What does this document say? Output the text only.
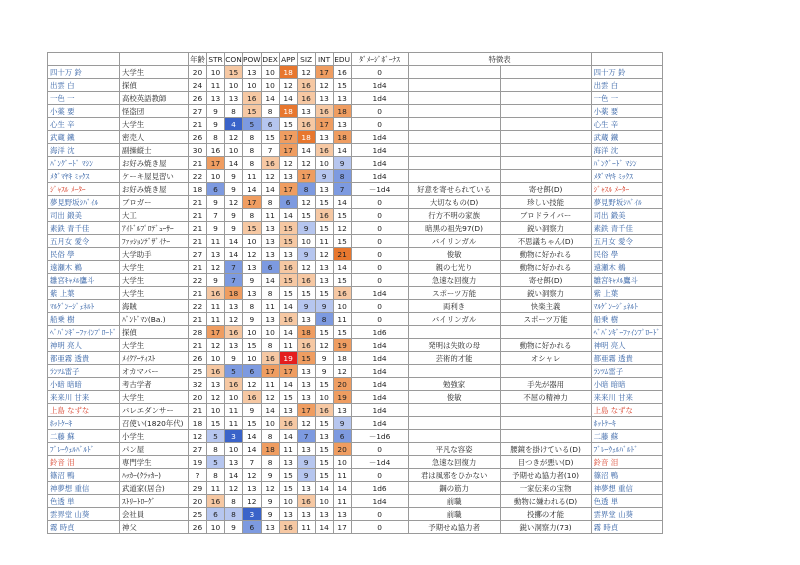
		年齢	STR	CON	POW	DEX	APP	SIZ	INT	EDU	ﾀﾞﾒｰｼﾞﾎﾞｰﾅｽ	特徴表		
四十万 鈴	大学生	20	10	15	13	10	18	12	17	16	0			四十万 鈴
出雲 白	探偵	24	11	10	10	10	12	16	12	15	1d4			出雲 白
一色 一	高校英語教師	26	13	13	16	14	14	16	13	13	1d4			一色 一
小薬 要	怪盗団	27	9	8	15	8	18	13	16	18	0			小薬 要
心生 辛	大学生	21	9	4	5	6	15	16	17	13	0			心生 辛
武蔵 鐵	密売人	26	8	12	8	15	17	18	13	18	1d4			武蔵 鐵
海洋 沈	副操縦士	30	16	10	8	7	17	14	16	14	1d4			海洋 沈
ﾊﾞﾝｸﾞｰﾄﾞ ﾏｼﾝ	お好み焼き屋	21	17	14	8	16	12	12	10	9	1d4			ﾊﾞﾝｸﾞｰﾄﾞ ﾏｼﾝ
ﾒﾀﾞﾏﾔｷ ﾐｯｸｽ	ケーキ屋見習い	22	10	9	11	12	13	17	9	8	1d4			ﾒﾀﾞﾏﾔｷ ﾐｯｸｽ
ｼﾞｬｽﾙ ﾒｰﾀｰ	お好み焼き屋	18	6	9	14	14	17	8	13	7	－1d4	好意を寄せられている	寄せ餌(D)	ｼﾞｬｽﾙ ﾒｰﾀｰ
夢見野坂ｼﾊﾞｲﾙ	ブロガー	21	9	12	17	8	6	12	15	14	0	大切なもの(D)	珍しい技能	夢見野坂ｼﾊﾞｲﾙ
司出 鍛美	大工	21	7	9	8	11	14	15	16	15	0	行方不明の家族	ブロドライバー	司出 鍛美
素鉄 青千佳	ｱｲﾄﾞﾙﾌﾟﾛﾃﾞｭｰｻｰ	21	9	9	15	13	15	9	15	12	0	暗黒の祖先97(D)	鋭い洞察力	素鉄 青千佳
五月女 愛令	ﾌｧｯｼｮﾝﾃﾞｻﾞｲﾅｰ	21	11	14	10	13	15	10	11	15	0	バイリンガル	不思議ちゃん(D)	五月女 愛令
民俗 學	大学助手	27	13	14	12	13	13	9	12	21	0	俊敏	動物に好かれる	民俗 學
遠瀬木 鵜	大学生	21	12	7	13	6	16	12	13	14	0	親の七光り	動物に好かれる	遠瀬木 鵜
雛宮ｷｬﾒﾙ鷹斗	大学生	22	9	7	9	14	15	16	13	15	0	急速な回復力	寄せ餌(D)	雛宮ｷｬﾒﾙ鷹斗
紫 上葉	大学生	21	16	18	13	8	15	15	15	16	1d4	スポーツ万能	鋭い洞察力	紫 上葉
ﾏﾙｹﾞﾝｰｼﾞｪﾈﾙﾄ	海賊	22	11	13	8	11	14	9	9	10	0	両利き	快楽主義	ﾏﾙｹﾞﾝｰｼﾞｪﾈﾙﾄ
船乗 樹	ﾊﾞﾝﾄﾞﾏﾝ(Ba.)	21	11	12	9	13	16	13	8	11	0	バイリンガル	スポーツ万能	船乗 樹
ﾍﾞﾊﾞﾝｷﾞｰﾌｧｲﾝﾌﾟﾛｰﾄﾞ	探偵	28	17	16	10	10	14	18	15	15	1d6			ﾍﾞﾊﾞﾝｷﾞｰﾌｧｲﾝﾌﾟﾛｰﾄﾞ
神明 亮人	大学生	21	12	13	15	8	11	16	12	19	1d4	発明は失敗の母	動物に好かれる	神明 亮人
都亜霧 透貴	ﾒｲｸｱｰﾃｨｽﾄ	26	10	9	10	16	19	15	9	18	1d4	芸術的才能	オシャレ	都亜霧 透貴
ﾗﾝﾂﾑ雷子	オカマバー	25	16	5	6	17	17	13	9	12	1d4			ﾗﾝﾂﾑ雷子
小暗 暗暗	考古学者	32	13	16	12	11	14	13	15	20	1d4	勉強家	手先が器用	小暗 暗暗
来来川 甘来	大学生	20	12	10	16	12	15	13	10	19	1d4	俊敏	不屈の精神力	来来川 甘来
上島 なずな	バレエダンサー	21	10	11	9	14	13	17	16	13	1d4			上島 なずな
ﾎｯﾄｹｰｷ	召使い(1820年代)	18	15	11	15	10	16	12	15	9	1d4			ﾎｯﾄｹｰｷ
二藤 蘇	小学生	12	5	3	14	8	14	7	13	6	－1d6			二藤 蘇
ﾌﾞﾚｰｳｪﾙﾊﾞﾙﾄﾞ	パン屋	27	8	10	14	18	11	13	15	20	0	平凡な容姿	腰鏡を掛けている(D)	ﾌﾞﾚｰｳｪﾙﾊﾞﾙﾄﾞ
鈴音 泪	専門学生	19	5	13	7	8	13	9	15	10	－1d4	急速な回復力	目つきが悪い(D)	鈴音 泪
篠沼 鴨	ﾊｯｶｰ(ｸﾗｯｶｰ)	?	8	14	12	9	15	9	15	11	0	君は風邪をひかない	予期せぬ協力者(10)	篠沼 鴨
神夢想 重信	武道家(居合)	29	11	12	13	12	15	13	14	14	1d6	鋼の筋力	一家伝来の宝物	神夢想 重信
色透 単	ｽﾄﾘｰﾄﾛｰｸﾞ	20	16	8	12	9	10	16	10	11	1d4	前職	動物に嫌われる(D)	色透 単
雲界堂 山葵	会社員	25	6	8	3	9	13	13	13	13	0	前職	投擲の才能	雲界堂 山葵
霧 時貞	神父	26	10	9	6	13	16	11	14	17	0	予期せぬ協力者	鋭い洞察力(73)	霧 時貞
